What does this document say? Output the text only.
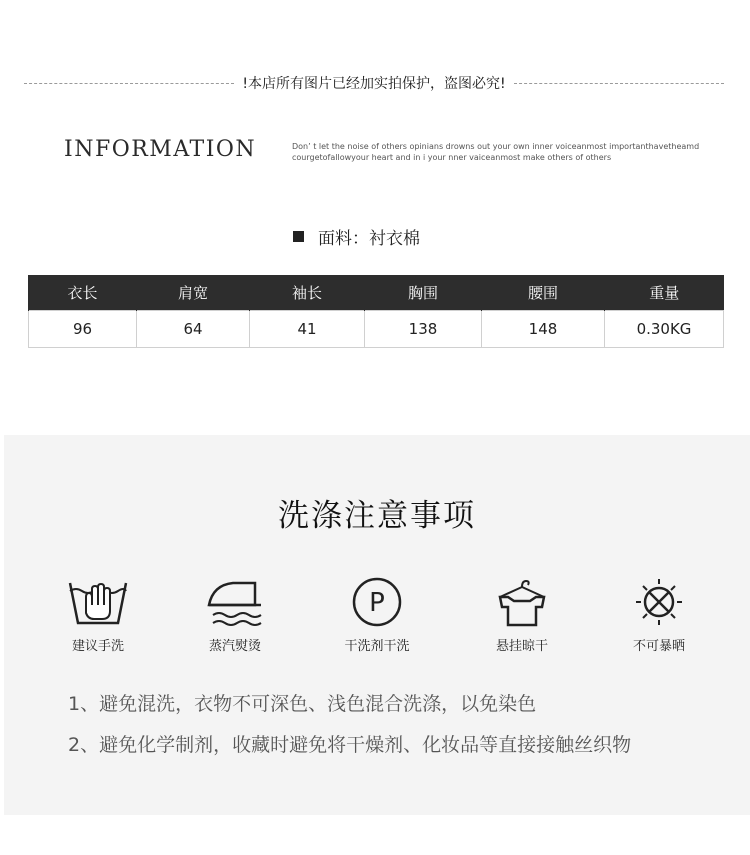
!本店所有图片已经加实拍保护，盗图必究!
INFORMATION	Don’ t let the noise of others opinians drowns out your own inner voiceanmost importanthavetheamd
courgetofallowyour heart and in i your nner vaiceanmost make others of others
面料：衬衣棉
衣长	肩宽	袖长	胸围	腰围	重量
96	64	41	138	148	0.30KG
洗涤注意事项
建议手洗	蒸汽熨烫
P
干洗剂干洗	悬挂晾干	不可暴晒
1、避免混洗，衣物不可深色、浅色混合洗涤，以免染色
2、避免化学制剂，收藏时避免将干燥剂、化妆品等直接接触丝织物
